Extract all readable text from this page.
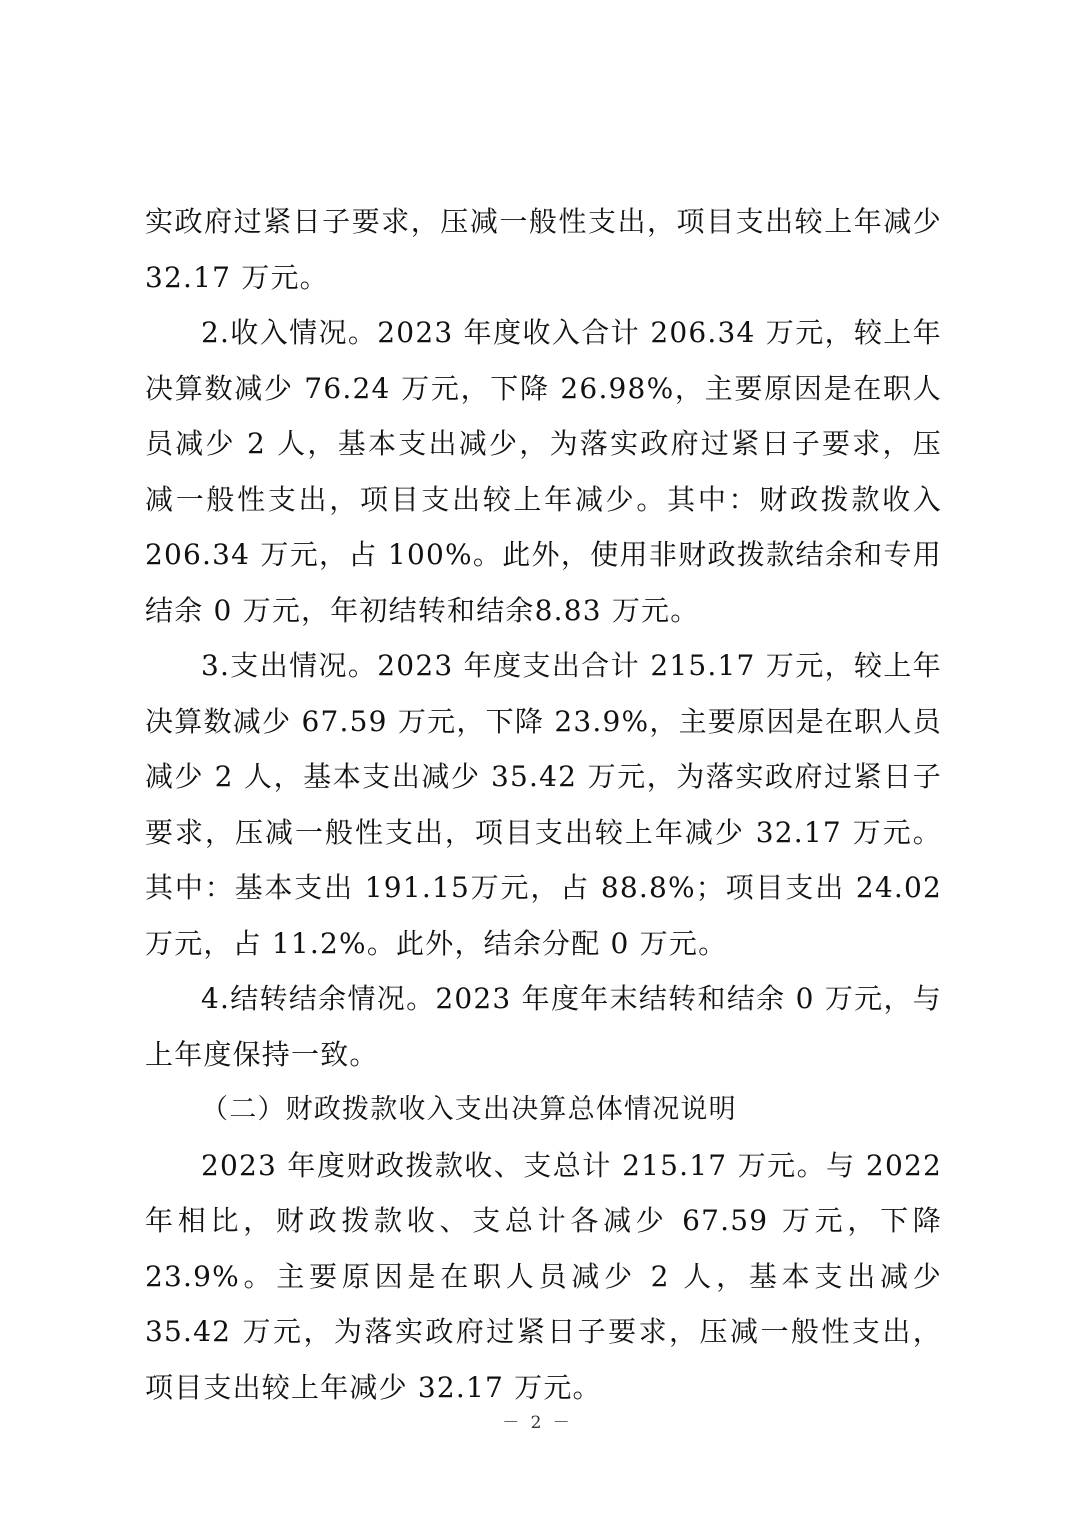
实政府过紧日子要求，压减一般性支出，项目支出较上年减少32.17 万元。

2.收入情况。2023 年度收入合计 206.34 万元，较上年决算数减少 76.24 万元，下降 26.98%，主要原因是在职人员减少 2 人，基本支出减少，为落实政府过紧日子要求，压减一般性支出，项目支出较上年减少。其中：财政拨款收入 206.34 万元，占 100%。此外，使用非财政拨款结余和专用结余 0 万元，年初结转和结余8.83 万元。

3.支出情况。2023 年度支出合计 215.17 万元，较上年决算数减少 67.59 万元，下降 23.9%，主要原因是在职人员减少 2 人，基本支出减少 35.42 万元，为落实政府过紧日子要求，压减一般性支出，项目支出较上年减少 32.17 万元。其中：基本支出 191.15万元，占 88.8%；项目支出 24.02 万元，占 11.2%。此外，结余分配 0 万元。

4.结转结余情况。2023 年度年末结转和结余 0 万元，与上年度保持一致。

（二）财政拨款收入支出决算总体情况说明

2023 年度财政拨款收、支总计 215.17 万元。与 2022 年相比，财政拨款收、支总计各减少 67.59 万元，下降 23.9%。主要原因是在职人员减少 2 人，基本支出减少 35.42 万元，为落实政府过紧日子要求，压减一般性支出，项目支出较上年减少 32.17 万元。

－ 2 －
